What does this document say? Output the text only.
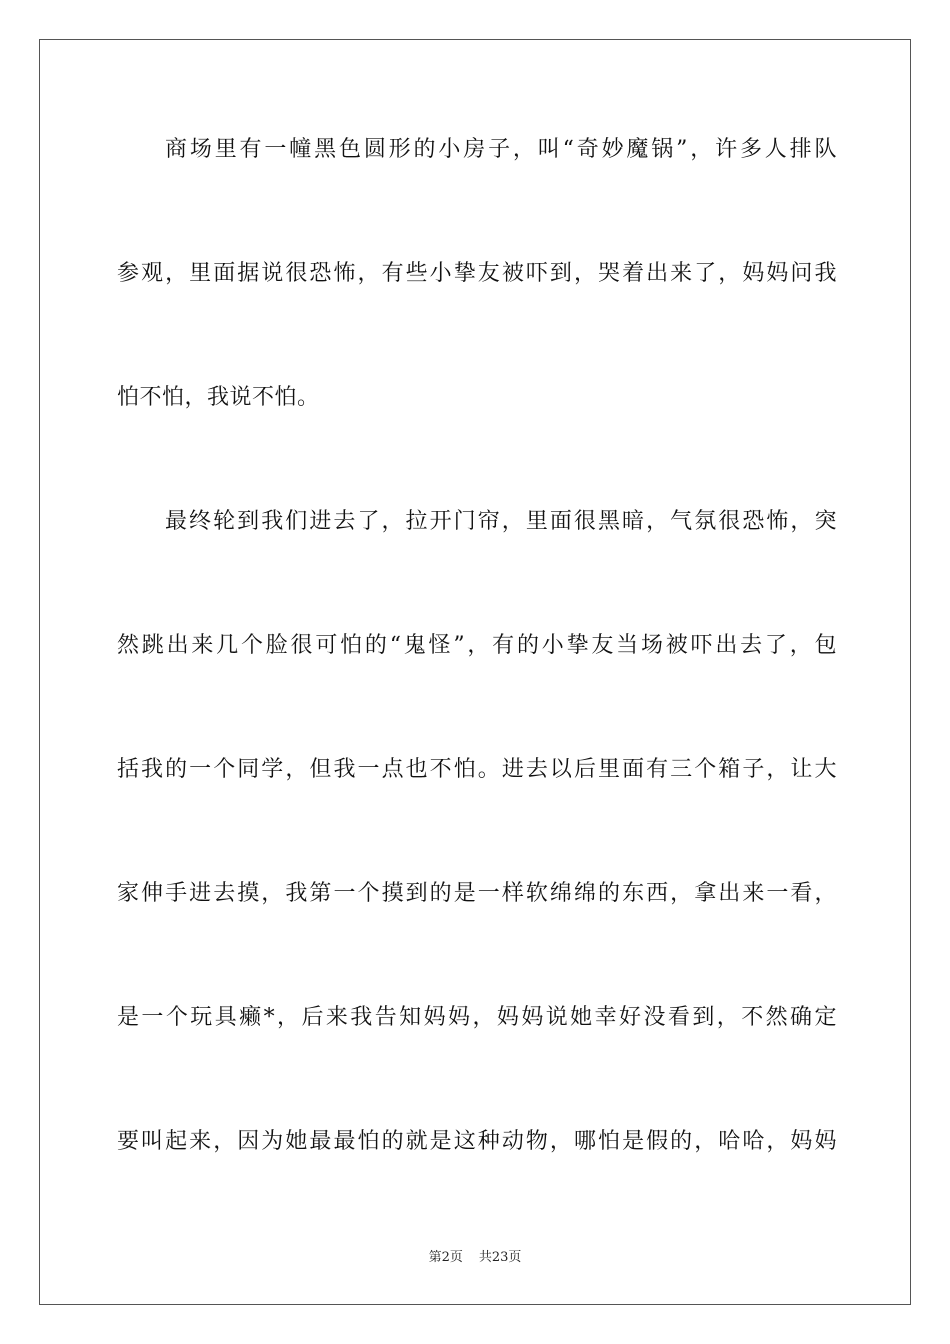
商场里有一幢黑色圆形的小房子，叫“奇妙魔锅”，许多人排队
参观，里面据说很恐怖，有些小挚友被吓到，哭着出来了，妈妈问我
怕不怕，我说不怕。
最终轮到我们进去了，拉开门帘，里面很黑暗，气氛很恐怖，突
然跳出来几个脸很可怕的“鬼怪”，有的小挚友当场被吓出去了，包
括我的一个同学，但我一点也不怕。进去以后里面有三个箱子，让大
家伸手进去摸，我第一个摸到的是一样软绵绵的东西，拿出来一看，
是一个玩具癞*，后来我告知妈妈，妈妈说她幸好没看到，不然确定
要叫起来，因为她最最怕的就是这种动物，哪怕是假的，哈哈，妈妈
第2页 共23页
